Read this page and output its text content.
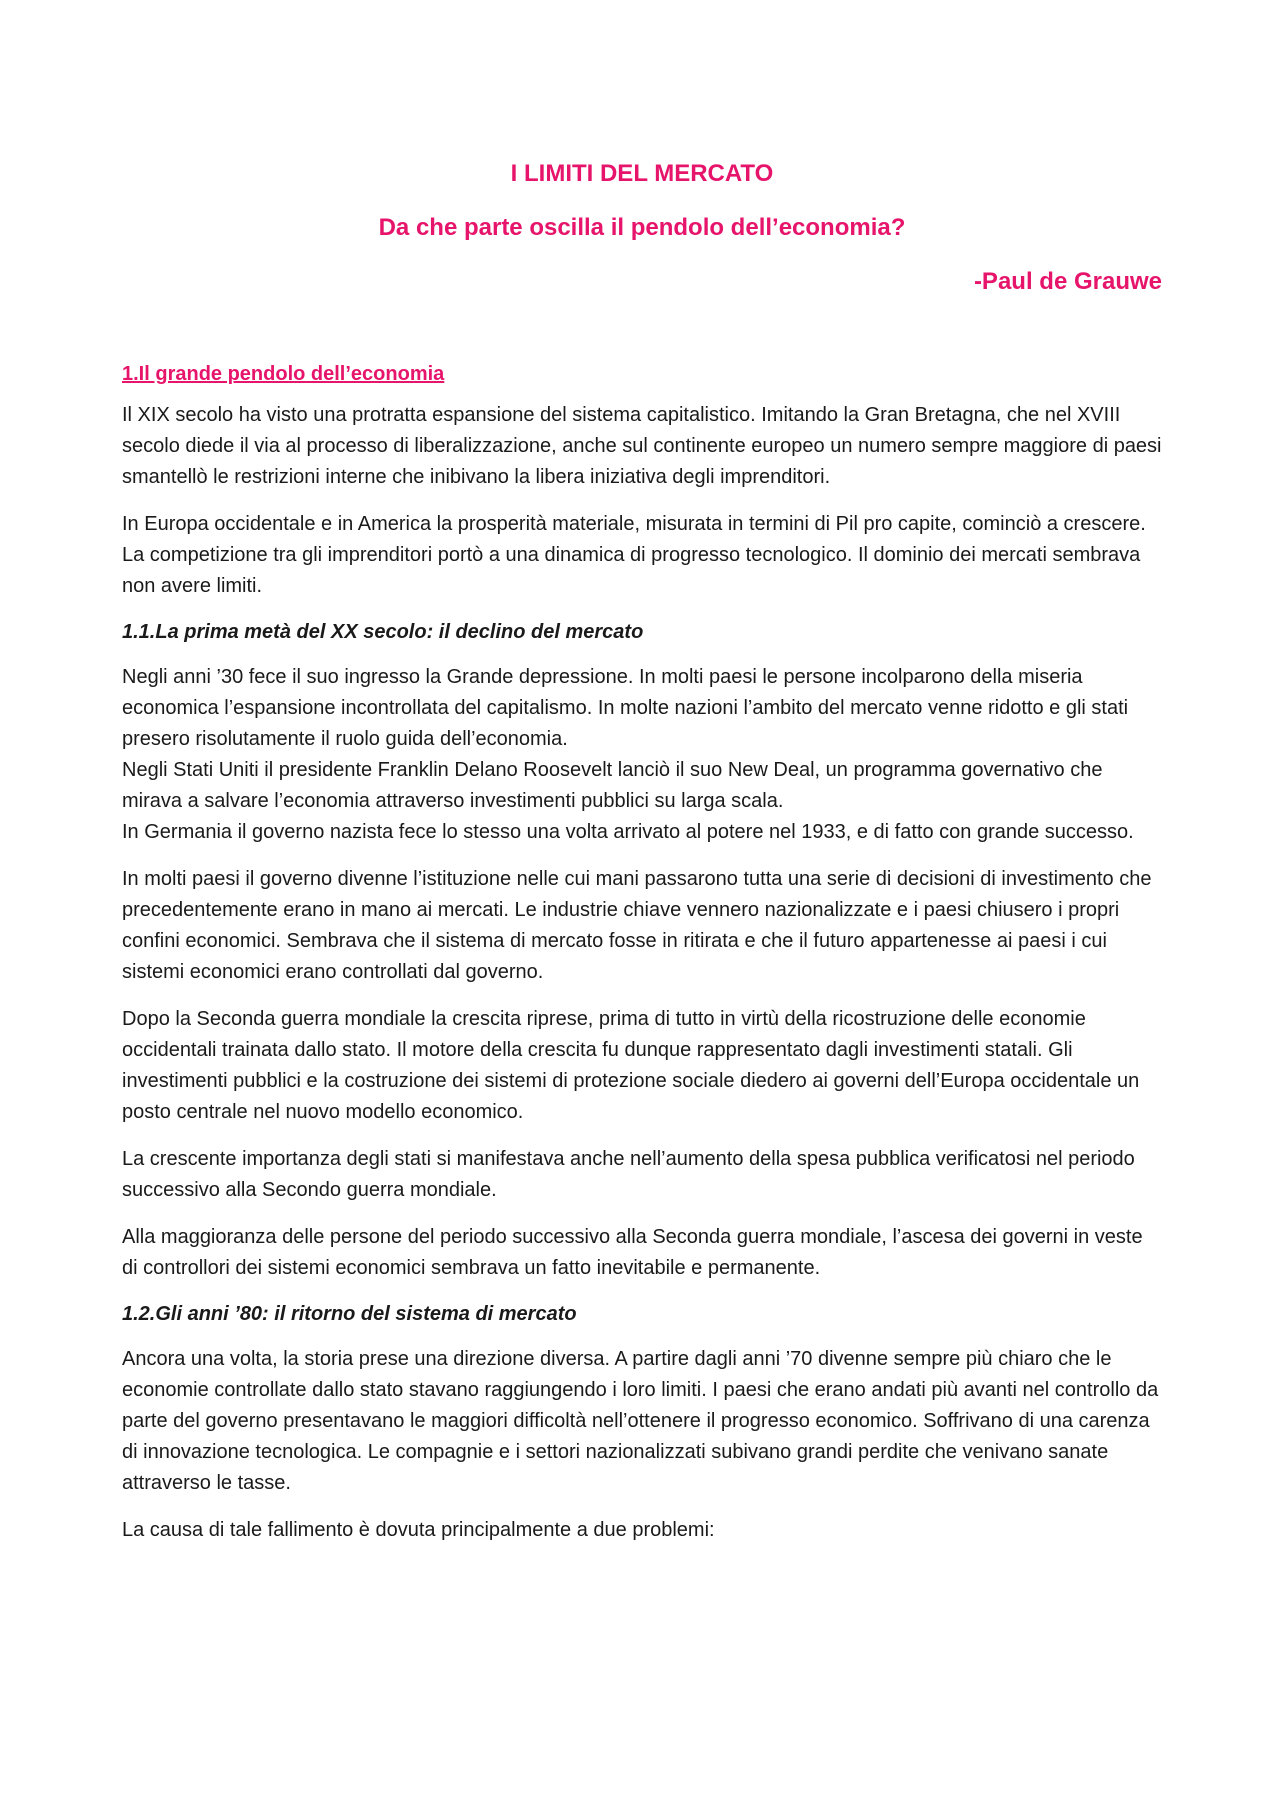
I LIMITI DEL MERCATO
Da che parte oscilla il pendolo dell’economia?
-Paul de Grauwe
1.Il grande pendolo dell’economia

Il XIX secolo ha visto una protratta espansione del sistema capitalistico. Imitando la Gran Bretagna, che nel XVIII secolo diede il via al processo di liberalizzazione, anche sul continente europeo un numero sempre maggiore di paesi smantellò le restrizioni interne che inibivano la libera iniziativa degli imprenditori.

In Europa occidentale e in America la prosperità materiale, misurata in termini di Pil pro capite, cominciò a crescere. La competizione tra gli imprenditori portò a una dinamica di progresso tecnologico. Il dominio dei mercati sembrava non avere limiti.

1.1.La prima metà del XX secolo: il declino del mercato

Negli anni ’30 fece il suo ingresso la Grande depressione. In molti paesi le persone incolparono della miseria economica l’espansione incontrollata del capitalismo. In molte nazioni l’ambito del mercato venne ridotto e gli stati presero risolutamente il ruolo guida dell’economia.
Negli Stati Uniti il presidente Franklin Delano Roosevelt lanciò il suo New Deal, un programma governativo che mirava a salvare l’economia attraverso investimenti pubblici su larga scala.
In Germania il governo nazista fece lo stesso una volta arrivato al potere nel 1933, e di fatto con grande successo.

In molti paesi il governo divenne l’istituzione nelle cui mani passarono tutta una serie di decisioni di investimento che precedentemente erano in mano ai mercati. Le industrie chiave vennero nazionalizzate e i paesi chiusero i propri confini economici. Sembrava che il sistema di mercato fosse in ritirata e che il futuro appartenesse ai paesi i cui sistemi economici erano controllati dal governo.

Dopo la Seconda guerra mondiale la crescita riprese, prima di tutto in virtù della ricostruzione delle economie occidentali trainata dallo stato. Il motore della crescita fu dunque rappresentato dagli investimenti statali. Gli investimenti pubblici e la costruzione dei sistemi di protezione sociale diedero ai governi dell’Europa occidentale un posto centrale nel nuovo modello economico.

La crescente importanza degli stati si manifestava anche nell’aumento della spesa pubblica verificatosi nel periodo successivo alla Secondo guerra mondiale.

Alla maggioranza delle persone del periodo successivo alla Seconda guerra mondiale, l’ascesa dei governi in veste di controllori dei sistemi economici sembrava un fatto inevitabile e permanente.

1.2.Gli anni ’80: il ritorno del sistema di mercato

Ancora una volta, la storia prese una direzione diversa. A partire dagli anni ’70 divenne sempre più chiaro che le economie controllate dallo stato stavano raggiungendo i loro limiti. I paesi che erano andati più avanti nel controllo da parte del governo presentavano le maggiori difficoltà nell’ottenere il progresso economico. Soffrivano di una carenza di innovazione tecnologica. Le compagnie e i settori nazionalizzati subivano grandi perdite che venivano sanate attraverso le tasse.

La causa di tale fallimento è dovuta principalmente a due problemi:
